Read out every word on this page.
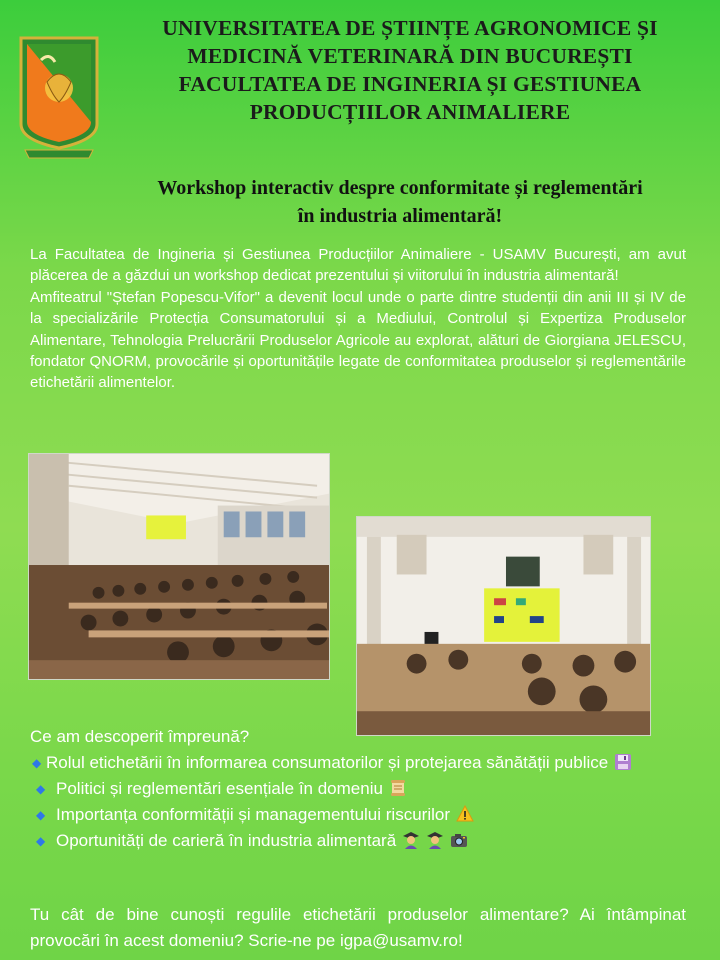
UNIVERSITATEA DE ȘTIINȚE AGRONOMICE ȘI
MEDICINĂ VETERINARĂ DIN BUCUREȘTI
FACULTATEA DE INGINERIA ȘI GESTIUNEA
PRODUCȚIILOR ANIMALIERE
Workshop interactiv despre conformitate și reglementări
în industria alimentară!

La Facultatea de Ingineria și Gestiunea Producțiilor Animaliere - USAMV București, am avut plăcerea de a găzdui un workshop dedicat prezentului și viitorului în industria alimentară!

Amfiteatrul "Ștefan Popescu-Vifor" a devenit locul unde o parte dintre studenții din anii III și IV de la specializările Protecția Consumatorului și a Mediului, Controlul și Expertiza Produselor Alimentare, Tehnologia Prelucrării Produselor Agricole au explorat, alături de Giorgiana JELESCU, fondator QNORM, provocările și oportunitățile legate de conformitatea produselor și reglementările etichetării alimentelor.

Ce am descoperit împreună?
◆ Rolul etichetării în informarea consumatorilor și protejarea sănătății publice
◆ Politici și reglementări esențiale în domeniu
◆ Importanța conformității și managementului riscurilor
◆ Oportunități de carieră în industria alimentară
Tu cât de bine cunoști regulile etichetării produselor alimentare? Ai întâmpinat provocări în acest domeniu? Scrie-ne pe igpa@usamv.ro!
